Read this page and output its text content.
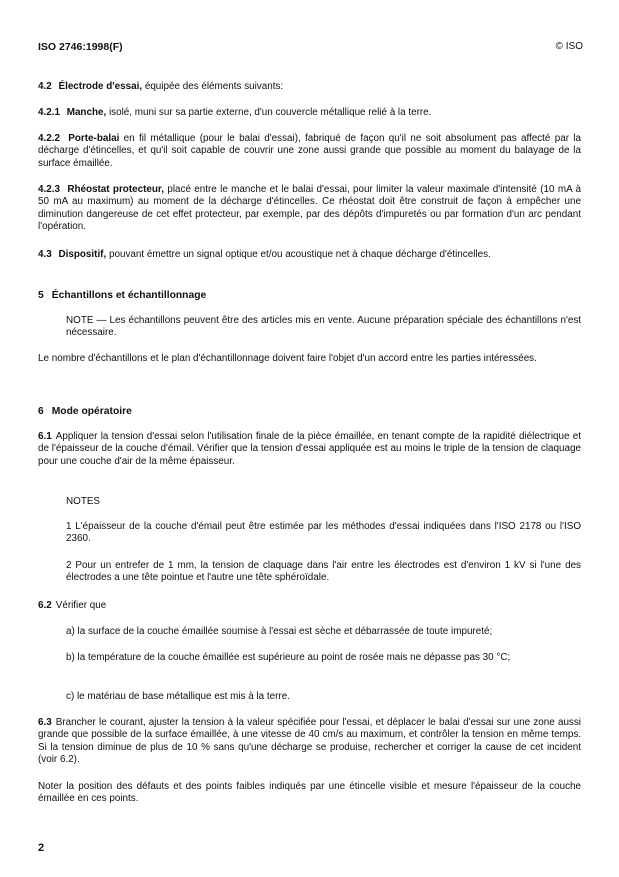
ISO 2746:1998(F)	© ISO

4.2 Électrode d'essai, équipée des éléments suivants:

4.2.1 Manche, isolé, muni sur sa partie externe, d'un couvercle métallique relié à la terre.

4.2.2 Porte-balai en fil métallique (pour le balai d'essai), fabriqué de façon qu'il ne soit absolument pas affecté par la décharge d'étincelles, et qu'il soit capable de couvrir une zone aussi grande que possible au moment du balayage de la surface émaillée.

4.2.3 Rhéostat protecteur, placé entre le manche et le balai d'essai, pour limiter la valeur maximale d'intensité (10 mA à 50 mA au maximum) au moment de la décharge d'étincelles. Ce rhéostat doit être construit de façon à empêcher une diminution dangereuse de cet effet protecteur, par exemple, par des dépôts d'impuretés ou par formation d'un arc pendant l'opération.

4.3 Dispositif, pouvant émettre un signal optique et/ou acoustique net à chaque décharge d'étincelles.

5 Échantillons et échantillonnage

NOTE — Les échantillons peuvent être des articles mis en vente. Aucune préparation spéciale des échantillons n'est nécessaire.

Le nombre d'échantillons et le plan d'échantillonnage doivent faire l'objet d'un accord entre les parties intéressées.

6 Mode opératoire

6.1 Appliquer la tension d'essai selon l'utilisation finale de la pièce émaillée, en tenant compte de la rapidité diélectrique et de l'épaisseur de la couche d'émail. Vérifier que la tension d'essai appliquée est au moins le triple de la tension de claquage pour une couche d'air de la même épaisseur.

NOTES

1 L'épaisseur de la couche d'émail peut être estimée par les méthodes d'essai indiquées dans l'ISO 2178 ou l'ISO 2360.

2 Pour un entrefer de 1 mm, la tension de claquage dans l'air entre les électrodes est d'environ 1 kV si l'une des électrodes a une tête pointue et l'autre une tête sphéroïdale.

6.2 Vérifier que

a) la surface de la couche émaillée soumise à l'essai est sèche et débarrassée de toute impureté;

b) la température de la couche émaillée est supérieure au point de rosée mais ne dépasse pas 30 °C;

c) le matériau de base métallique est mis à la terre.

6.3 Brancher le courant, ajuster la tension à la valeur spécifiée pour l'essai, et déplacer le balai d'essai sur une zone aussi grande que possible de la surface émaillée, à une vitesse de 40 cm/s au maximum, et contrôler la tension en même temps. Si la tension diminue de plus de 10 % sans qu'une décharge se produise, rechercher et corriger la cause de cet incident (voir 6.2).

Noter la position des défauts et des points faibles indiqués par une étincelle visible et mesure l'épaisseur de la couche émaillée en ces points.

2
